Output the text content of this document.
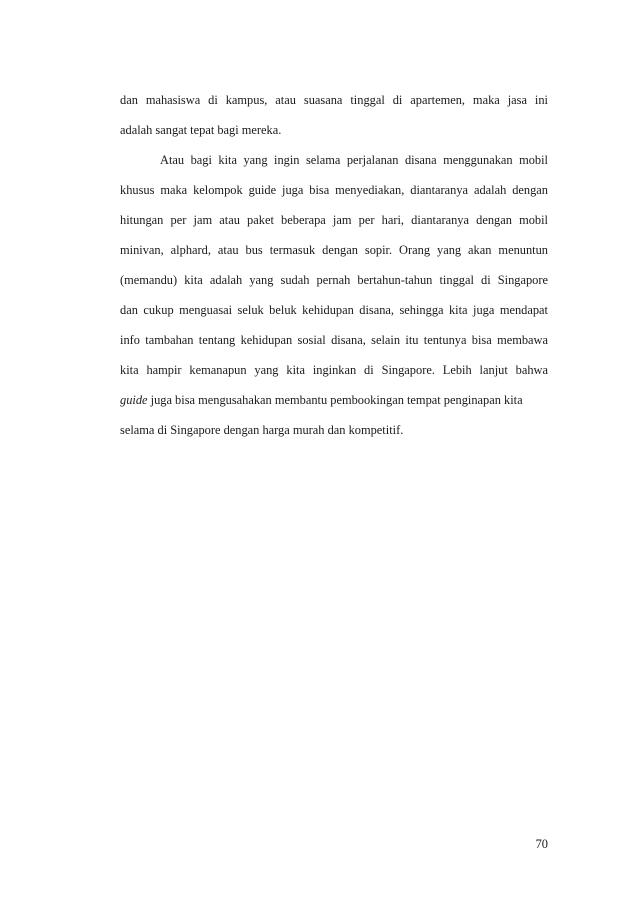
dan mahasiswa di kampus, atau suasana tinggal di apartemen, maka jasa ini
adalah sangat tepat bagi mereka.
Atau bagi kita yang ingin selama perjalanan disana menggunakan mobil
khusus maka kelompok guide juga bisa menyediakan, diantaranya adalah dengan
hitungan per jam atau paket beberapa jam per hari, diantaranya dengan mobil
minivan, alphard, atau bus termasuk dengan sopir. Orang yang akan menuntun
(memandu) kita adalah yang sudah pernah bertahun-tahun tinggal di Singapore
dan cukup menguasai seluk beluk kehidupan disana, sehingga kita juga mendapat
info tambahan tentang kehidupan sosial disana, selain itu tentunya bisa membawa
kita hampir kemanapun yang kita inginkan di Singapore. Lebih lanjut bahwa
guide juga bisa mengusahakan membantu pembookingan tempat penginapan kita
selama di Singapore dengan harga murah dan kompetitif.
70
